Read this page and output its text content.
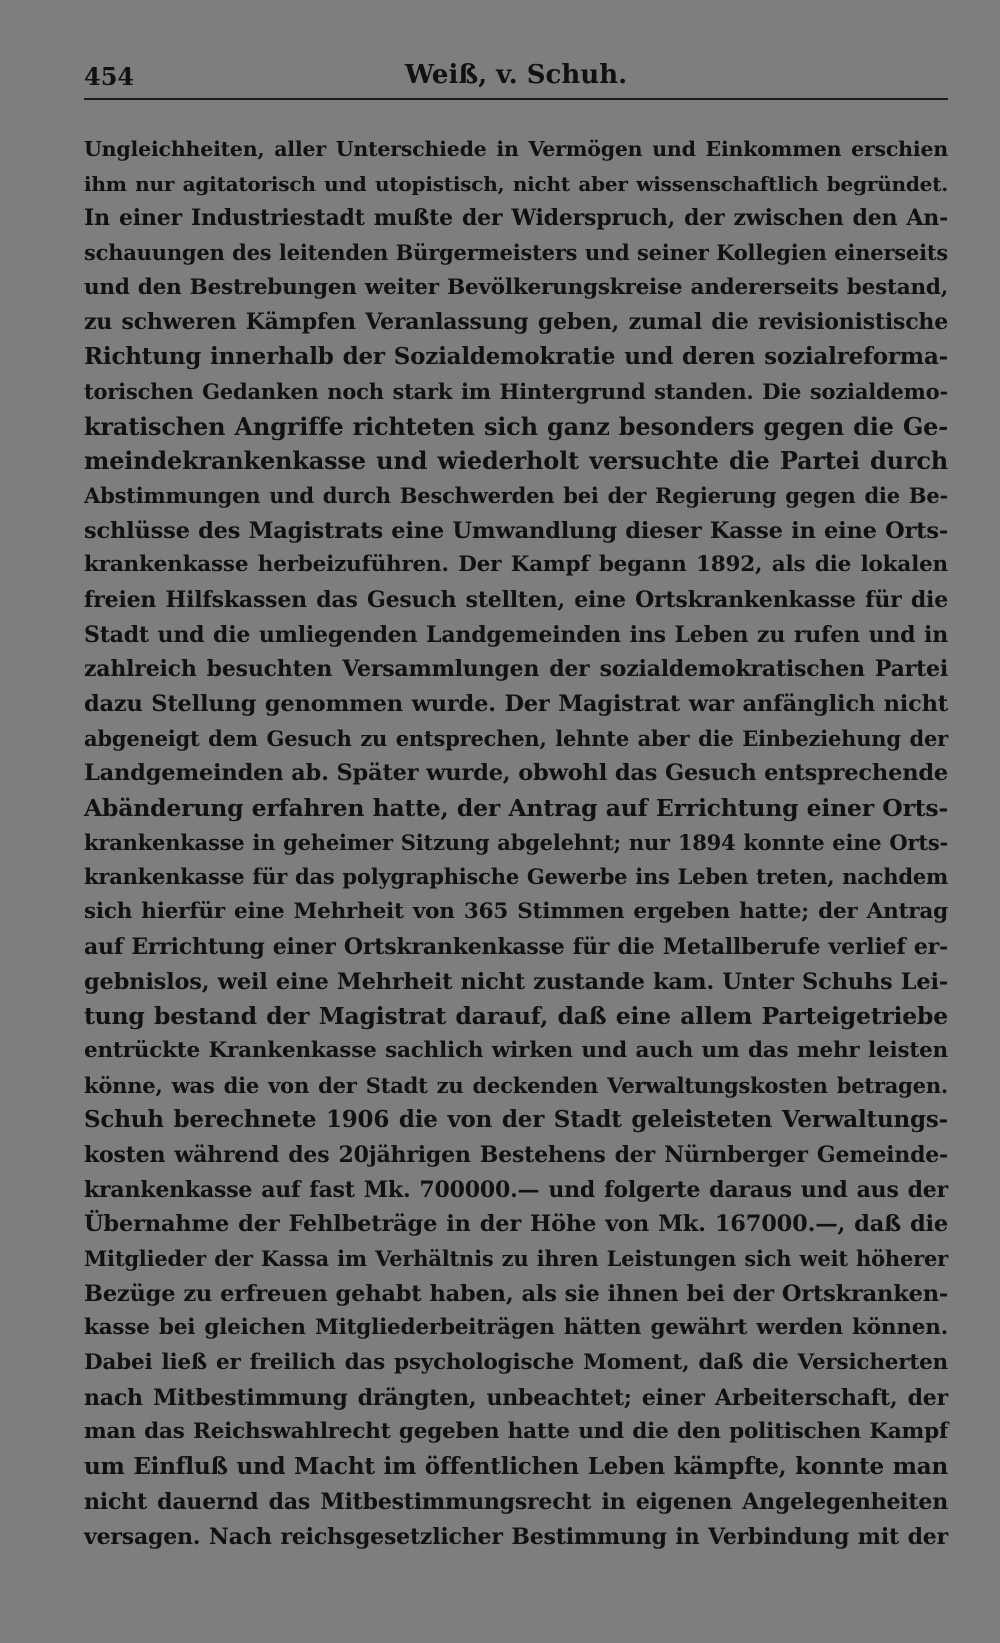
454	Weiß, v. Schuh.
Ungleichheiten, aller Unterschiede in Vermögen und Einkommen erschien
ihm nur agitatorisch und utopistisch, nicht aber wissenschaftlich begründet.
In einer Industriestadt mußte der Widerspruch, der zwischen den An-
schauungen des leitenden Bürgermeisters und seiner Kollegien einerseits
und den Bestrebungen weiter Bevölkerungskreise andererseits bestand,
zu schweren Kämpfen Veranlassung geben, zumal die revisionistische
Richtung innerhalb der Sozialdemokratie und deren sozialreforma-
torischen Gedanken noch stark im Hintergrund standen. Die sozialdemo-
kratischen Angriffe richteten sich ganz besonders gegen die Ge-
meindekrankenkasse und wiederholt versuchte die Partei durch
Abstimmungen und durch Beschwerden bei der Regierung gegen die Be-
schlüsse des Magistrats eine Umwandlung dieser Kasse in eine Orts-
krankenkasse herbeizuführen. Der Kampf begann 1892, als die lokalen
freien Hilfskassen das Gesuch stellten, eine Ortskrankenkasse für die
Stadt und die umliegenden Landgemeinden ins Leben zu rufen und in
zahlreich besuchten Versammlungen der sozialdemokratischen Partei
dazu Stellung genommen wurde. Der Magistrat war anfänglich nicht
abgeneigt dem Gesuch zu entsprechen, lehnte aber die Einbeziehung der
Landgemeinden ab. Später wurde, obwohl das Gesuch entsprechende
Abänderung erfahren hatte, der Antrag auf Errichtung einer Orts-
krankenkasse in geheimer Sitzung abgelehnt; nur 1894 konnte eine Orts-
krankenkasse für das polygraphische Gewerbe ins Leben treten, nachdem
sich hierfür eine Mehrheit von 365 Stimmen ergeben hatte; der Antrag
auf Errichtung einer Ortskrankenkasse für die Metallberufe verlief er-
gebnislos, weil eine Mehrheit nicht zustande kam. Unter Schuhs Lei-
tung bestand der Magistrat darauf, daß eine allem Parteigetriebe
entrückte Krankenkasse sachlich wirken und auch um das mehr leisten
könne, was die von der Stadt zu deckenden Verwaltungskosten betragen.
Schuh berechnete 1906 die von der Stadt geleisteten Verwaltungs-
kosten während des 20jährigen Bestehens der Nürnberger Gemeinde-
krankenkasse auf fast Mk. 700000.— und folgerte daraus und aus der
Übernahme der Fehlbeträge in der Höhe von Mk. 167000.—, daß die
Mitglieder der Kassa im Verhältnis zu ihren Leistungen sich weit höherer
Bezüge zu erfreuen gehabt haben, als sie ihnen bei der Ortskranken-
kasse bei gleichen Mitgliederbeiträgen hätten gewährt werden können.
Dabei ließ er freilich das psychologische Moment, daß die Versicherten
nach Mitbestimmung drängten, unbeachtet; einer Arbeiterschaft, der
man das Reichswahlrecht gegeben hatte und die den politischen Kampf
um Einfluß und Macht im öffentlichen Leben kämpfte, konnte man
nicht dauernd das Mitbestimmungsrecht in eigenen Angelegenheiten
versagen. Nach reichsgesetzlicher Bestimmung in Verbindung mit der
